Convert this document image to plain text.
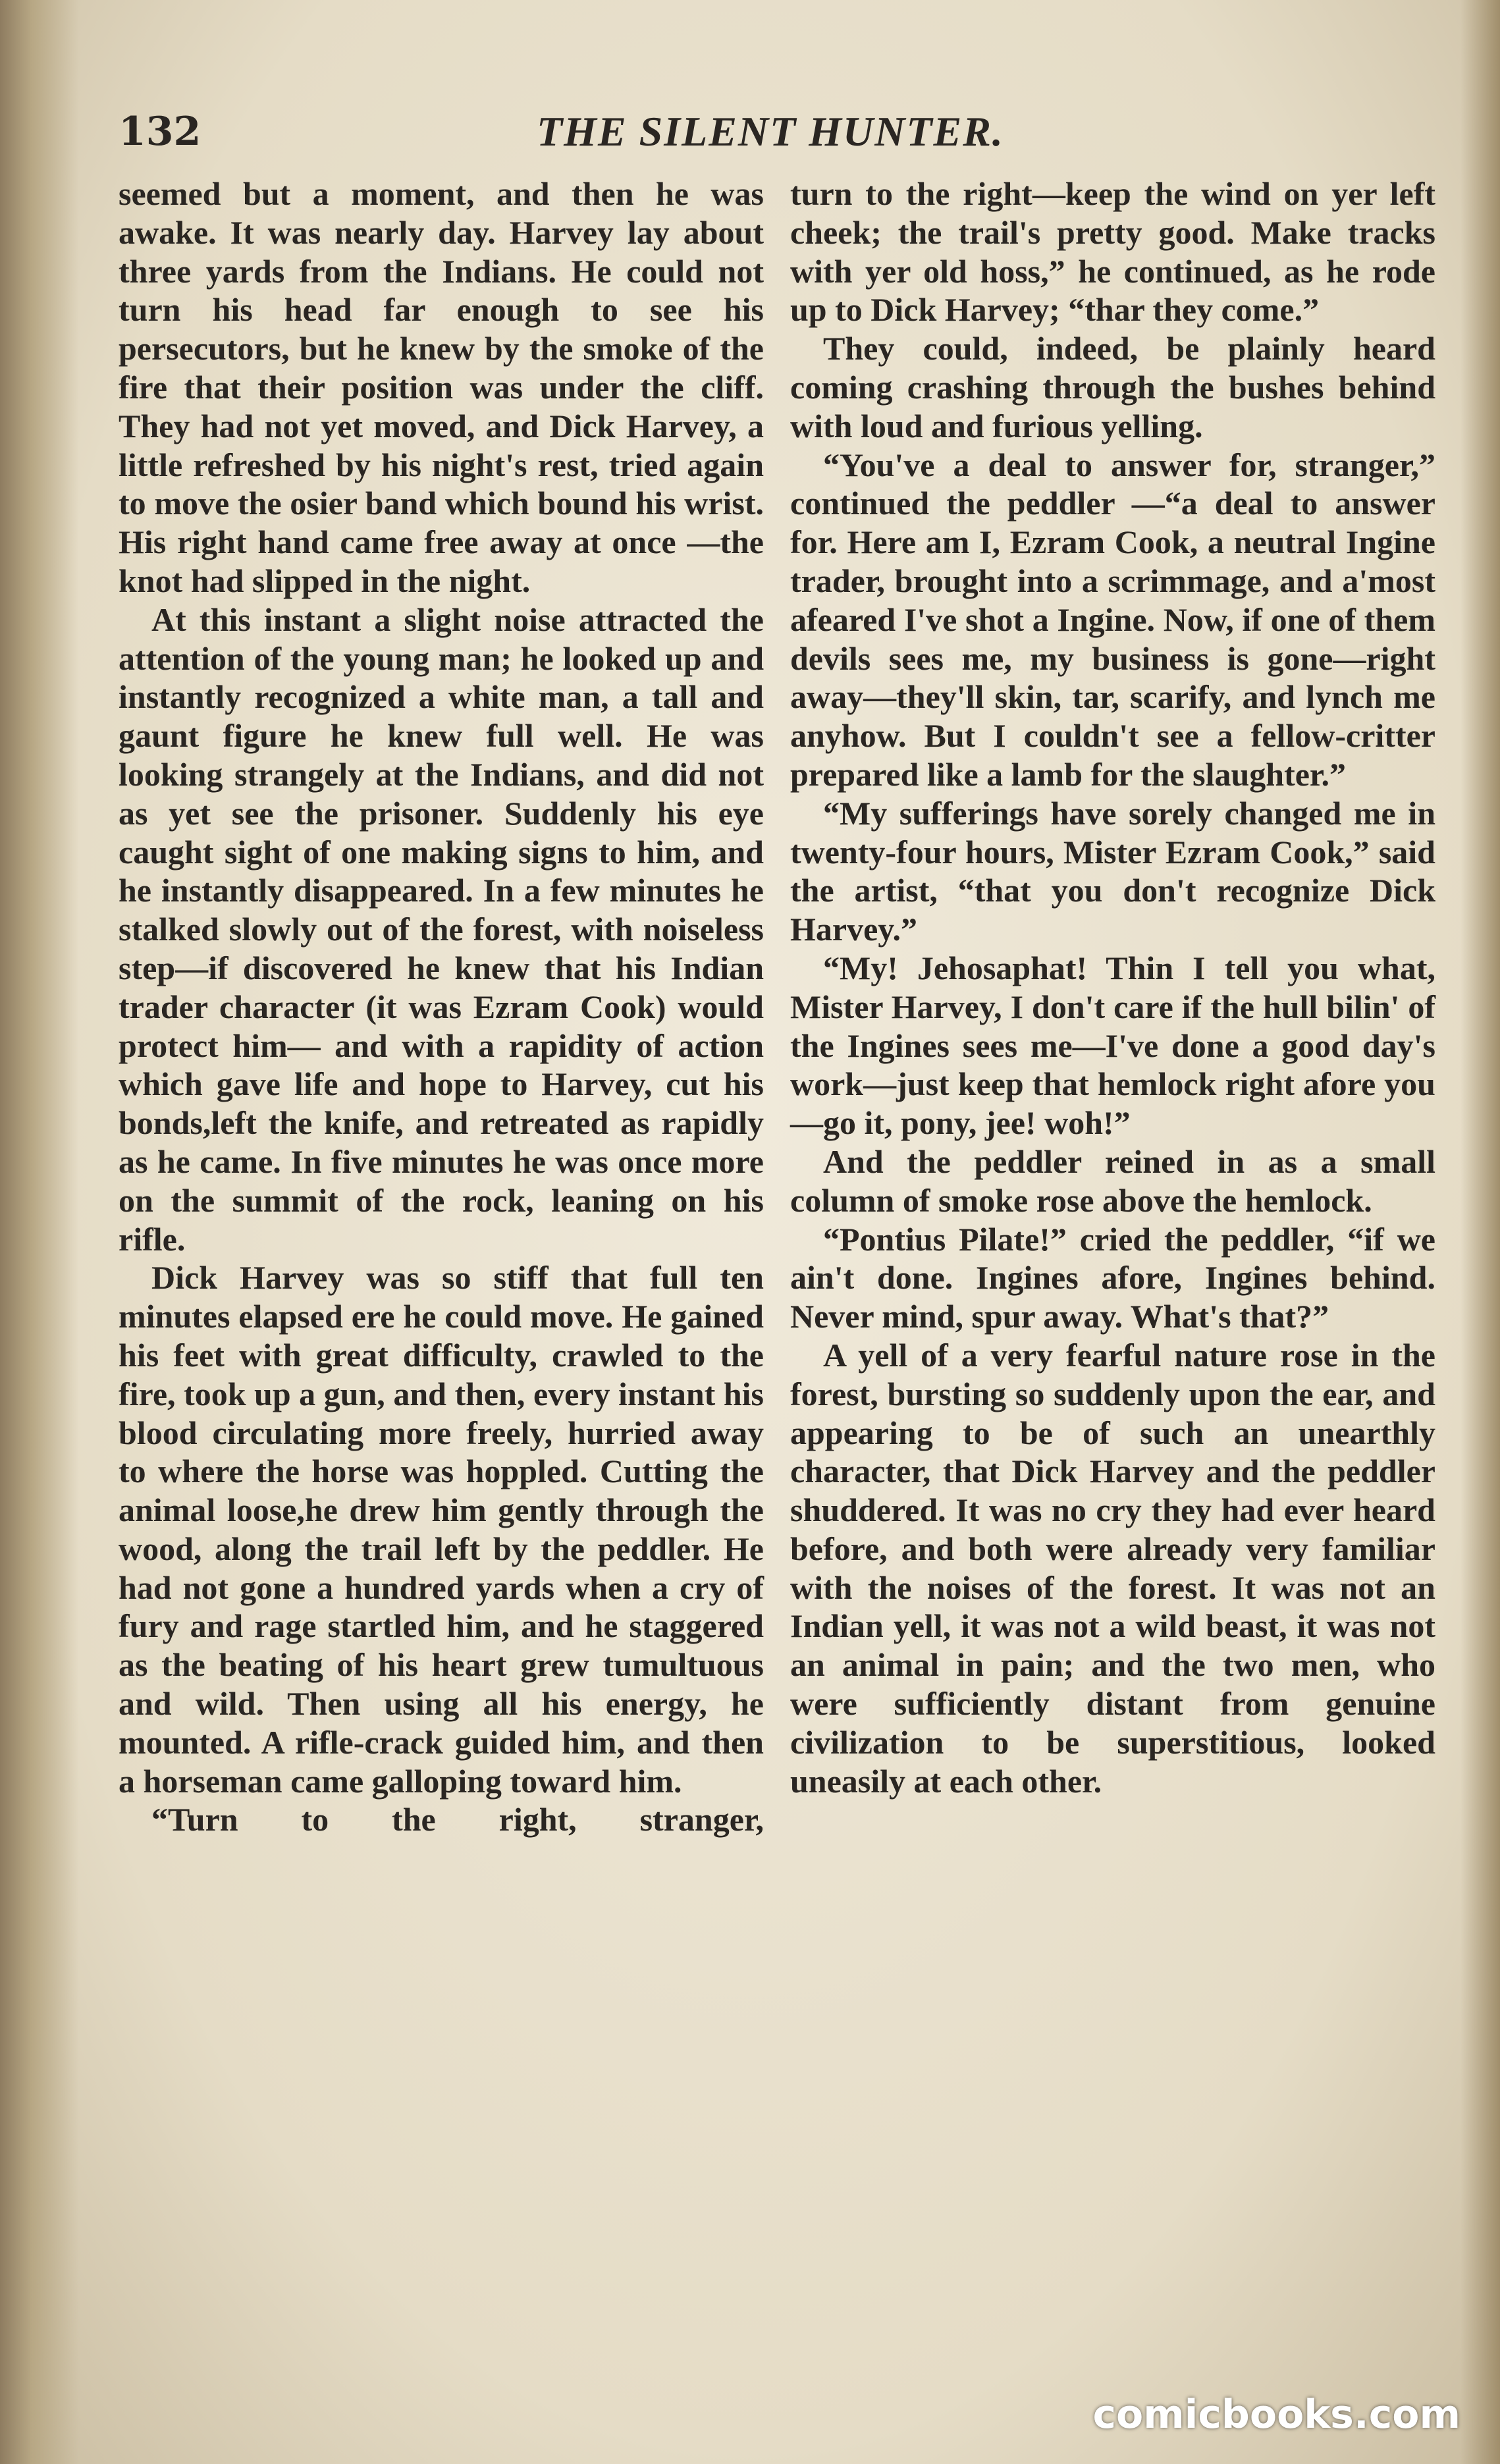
132	THE SILENT HUNTER.

seemed but a moment, and then he was awake. It was nearly day. Harvey lay about three yards from the Indians. He could not turn his head far enough to see his persecutors, but he knew by the smoke of the fire that their position was under the cliff. They had not yet moved, and Dick Harvey, a little refreshed by his night's rest, tried again to move the osier band which bound his wrist. His right hand came free away at once —the knot had slipped in the night.

At this instant a slight noise attracted the attention of the young man; he looked up and instantly recognized a white man, a tall and gaunt figure he knew full well. He was looking strangely at the Indians, and did not as yet see the prisoner. Suddenly his eye caught sight of one making signs to him, and he instantly disappeared. In a few minutes he stalked slowly out of the forest, with noiseless step—if discovered he knew that his Indian trader character (it was Ezram Cook) would protect him— and with a rapidity of action which gave life and hope to Harvey, cut his bonds,left the knife, and retreated as rapidly as he came. In five minutes he was once more on the summit of the rock, leaning on his rifle.

Dick Harvey was so stiff that full ten minutes elapsed ere he could move. He gained his feet with great difficulty, crawled to the fire, took up a gun, and then, every instant his blood circulating more freely, hurried away to where the horse was hoppled. Cutting the animal loose,he drew him gently through the wood, along the trail left by the peddler. He had not gone a hundred yards when a cry of fury and rage startled him, and he staggered as the beating of his heart grew tumultuous and wild. Then using all his energy, he mounted. A rifle-crack guided him, and then a horseman came galloping toward him.

“Turn to the right, stranger,

turn to the right—keep the wind on yer left cheek; the trail's pretty good. Make tracks with yer old hoss,” he continued, as he rode up to Dick Harvey; “thar they come.”

They could, indeed, be plainly heard coming crashing through the bushes behind with loud and furious yelling.

“You've a deal to answer for, stranger,” continued the peddler —“a deal to answer for. Here am I, Ezram Cook, a neutral Ingine trader, brought into a scrimmage, and a'most afeared I've shot a Ingine. Now, if one of them devils sees me, my business is gone—right away—they'll skin, tar, scarify, and lynch me anyhow. But I couldn't see a fellow-critter prepared like a lamb for the slaughter.”

“My sufferings have sorely changed me in twenty-four hours, Mister Ezram Cook,” said the artist, “that you don't recognize Dick Harvey.”

“My! Jehosaphat! Thin I tell you what, Mister Harvey, I don't care if the hull bilin' of the Ingines sees me—I've done a good day's work—just keep that hemlock right afore you—go it, pony, jee! woh!”

And the peddler reined in as a small column of smoke rose above the hemlock.

“Pontius Pilate!” cried the peddler, “if we ain't done. Ingines afore, Ingines behind. Never mind, spur away. What's that?”

A yell of a very fearful nature rose in the forest, bursting so suddenly upon the ear, and appearing to be of such an unearthly character, that Dick Harvey and the peddler shuddered. It was no cry they had ever heard before, and both were already very familiar with the noises of the forest. It was not an Indian yell, it was not a wild beast, it was not an animal in pain; and the two men, who were sufficiently distant from genuine civilization to be superstitious, looked uneasily at each other.

comicbooks.com
